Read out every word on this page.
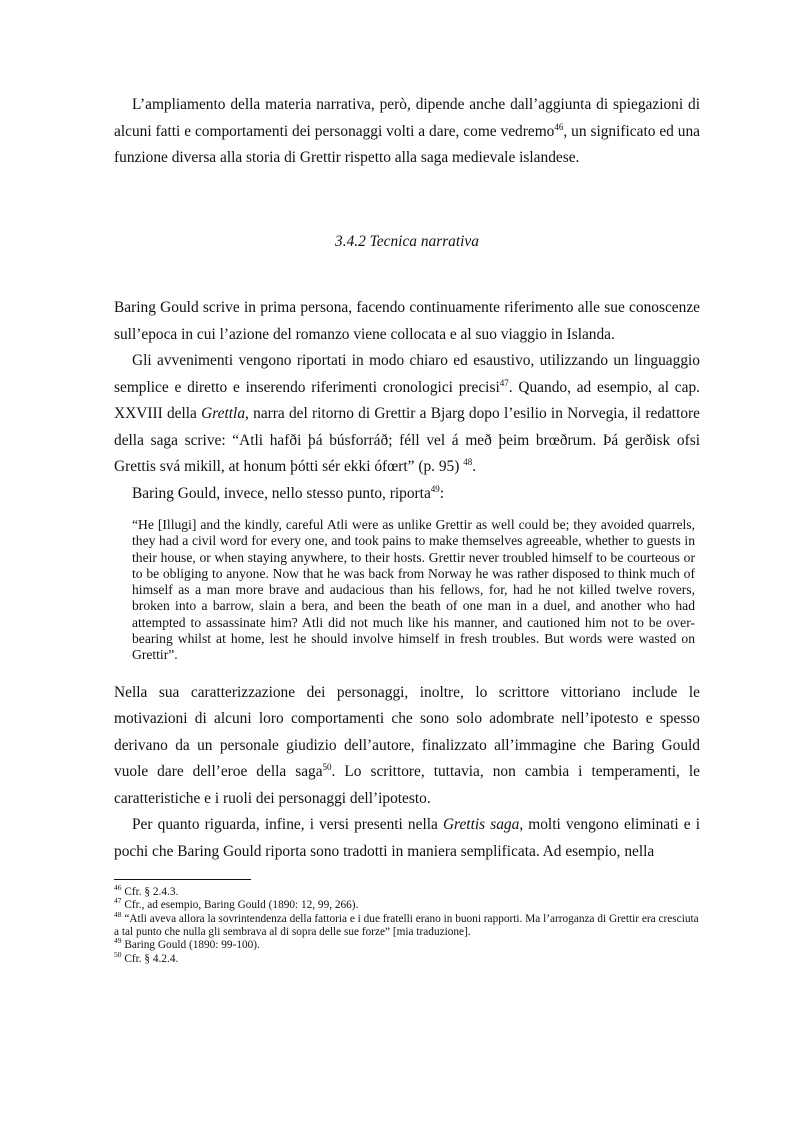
L’ampliamento della materia narrativa, però, dipende anche dall’aggiunta di spiegazioni di alcuni fatti e comportamenti dei personaggi volti a dare, come vedremo$^{46}$, un significato ed una funzione diversa alla storia di Grettir rispetto alla saga medievale islandese.

3.4.2 Tecnica narrativa

Baring Gould scrive in prima persona, facendo continuamente riferimento alle sue conoscenze sull’epoca in cui l’azione del romanzo viene collocata e al suo viaggio in Islanda.

Gli avvenimenti vengono riportati in modo chiaro ed esaustivo, utilizzando un linguaggio semplice e diretto e inserendo riferimenti cronologici precisi$^{47}$. Quando, ad esempio, al cap. XXVIII della Grettla, narra del ritorno di Grettir a Bjarg dopo l’esilio in Norvegia, il redattore della saga scrive: “Atli hafði þá búsforráð; féll vel á með þeim brœðrum. Þá gerðisk ofsi Grettis svá mikill, at honum þótti sér ekki ófœrt” (p. 95) $^{48}$.

Baring Gould, invece, nello stesso punto, riporta$^{49}$:

“He [Illugi] and the kindly, careful Atli were as unlike Grettir as well could be; they avoided quarrels, they had a civil word for every one, and took pains to make themselves agreeable, whether to guests in their house, or when staying anywhere, to their hosts. Grettir never troubled himself to be courteous or to be obliging to anyone. Now that he was back from Norway he was rather disposed to think much of himself as a man more brave and audacious than his fellows, for, had he not killed twelve rovers, broken into a barrow, slain a bera, and been the beath of one man in a duel, and another who had attempted to assassinate him? Atli did not much like his manner, and cautioned him not to be over-bearing whilst at home, lest he should involve himself in fresh troubles. But words were wasted on Grettir”.

Nella sua caratterizzazione dei personaggi, inoltre, lo scrittore vittoriano include le motivazioni di alcuni loro comportamenti che sono solo adombrate nell’ipotesto e spesso derivano da un personale giudizio dell’autore, finalizzato all’immagine che Baring Gould vuole dare dell’eroe della saga$^{50}$. Lo scrittore, tuttavia, non cambia i temperamenti, le caratteristiche e i ruoli dei personaggi dell’ipotesto.

Per quanto riguarda, infine, i versi presenti nella Grettis saga, molti vengono eliminati e i pochi che Baring Gould riporta sono tradotti in maniera semplificata. Ad esempio, nella

$^{46}$ Cfr. § 2.4.3.

$^{47}$ Cfr., ad esempio, Baring Gould (1890: 12, 99, 266).

$^{48}$ “Atli aveva allora la sovrintendenza della fattoria e i due fratelli erano in buoni rapporti. Ma l’arroganza di Grettir era cresciuta a tal punto che nulla gli sembrava al di sopra delle sue forze” [mia traduzione].

$^{49}$ Baring Gould (1890: 99-100).

$^{50}$ Cfr. § 4.2.4.
